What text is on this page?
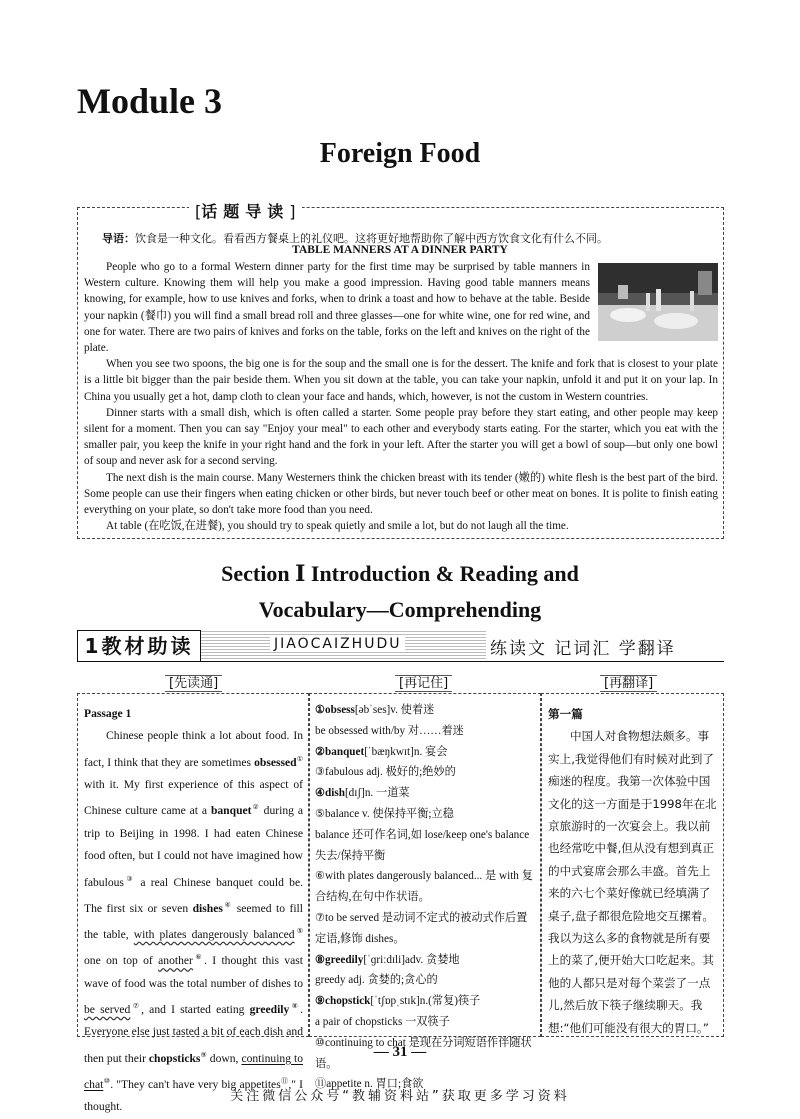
Module 3
Foreign Food
[话题导读]
导语：饮食是一种文化。看看西方餐桌上的礼仪吧。这将更好地帮助你了解中西方饮食文化有什么不同。
TABLE MANNERS AT A DINNER PARTY

People who go to a formal Western dinner party for the first time may be surprised by table manners in Western culture. Knowing them will help you make a good impression. Having good table manners means knowing, for example, how to use knives and forks, when to drink a toast and how to behave at the table. Beside your napkin (餐巾) you will find a small bread roll and three glasses—one for white wine, one for red wine, and one for water. There are two pairs of knives and forks on the table, forks on the left and knives on the right of the plate.

When you see two spoons, the big one is for the soup and the small one is for the dessert. The knife and fork that is closest to your plate is a little bit bigger than the pair beside them. When you sit down at the table, you can take your napkin, unfold it and put it on your lap. In China you usually get a hot, damp cloth to clean your face and hands, which, however, is not the custom in Western countries.

Dinner starts with a small dish, which is often called a starter. Some people pray before they start eating, and other people may keep silent for a moment. Then you can say "Enjoy your meal" to each other and everybody starts eating. For the starter, which you eat with the smaller pair, you keep the knife in your right hand and the fork in your left. After the starter you will get a bowl of soup—but only one bowl of soup and never ask for a second serving.

The next dish is the main course. Many Westerners think the chicken breast with its tender (嫩的) white flesh is the best part of the bird. Some people can use their fingers when eating chicken or other birds, but never touch beef or other meat on bones. It is polite to finish eating everything on your plate, so don't take more food than you need.

At table (在吃饭,在进餐), you should try to speak quietly and smile a lot, but do not laugh all the time.

Section Ⅰ Introduction & Reading and
Vocabulary—Comprehending
1教材助读	JIAOCAIZHUDU	练读文 记词汇 学翻译
[先读通]	[再记住]	[再翻译]
Passage 1

Chinese people think a lot about food. In fact, I think that they are sometimes obsessed① with it. My first experience of this aspect of Chinese culture came at a banquet② during a trip to Beijing in 1998. I had eaten Chinese food often, but I could not have imagined how fabulous③ a real Chinese banquet could be. The first six or seven dishes④ seemed to fill the table, with plates dangerously balanced⑤ one on top of another⑥. I thought this vast wave of food was the total number of dishes to be served⑦, and I started eating greedily⑧. Everyone else just tasted a bit of each dish and then put their chopsticks⑨ down, continuing to chat⑩. "They can't have very big appetites⑪," I thought.

①obsess[əbˈses]v. 使着迷
be obsessed with/by 对……着迷
②banquet[ˈbæŋkwɪt]n. 宴会
③fabulous adj. 极好的;绝妙的
④dish[dɪʃ]n. 一道菜
⑤balance v. 使保持平衡;立稳
balance 还可作名词,如 lose/keep one's balance 失去/保持平衡
⑥with plates dangerously balanced... 是 with 复合结构,在句中作状语。
⑦to be served 是动词不定式的被动式作后置定语,修饰 dishes。
⑧greedily[ˈɡriːdɪli]adv. 贪婪地
greedy adj. 贪婪的;贪心的
⑨chopstick[ˈtʃɒpˌstɪk]n.(常复)筷子
a pair of chopsticks 一双筷子
⑩continuing to chat 是现在分词短语作伴随状语。
⑪appetite n. 胃口;食欲
第一篇

中国人对食物想法颇多。事实上,我觉得他们有时候对此到了痴迷的程度。我第一次体验中国文化的这一方面是于1998年在北京旅游时的一次宴会上。我以前也经常吃中餐,但从没有想到真正的中式宴席会那么丰盛。首先上来的六七个菜好像就已经填满了桌子,盘子都很危险地交互摞着。我以为这么多的食物就是所有要上的菜了,便开始大口吃起来。其他的人都只是对每个菜尝了一点儿,然后放下筷子继续聊天。我想:“他们可能没有很大的胃口。”

— 31 —
关注微信公众号“教辅资料站”获取更多学习资料
